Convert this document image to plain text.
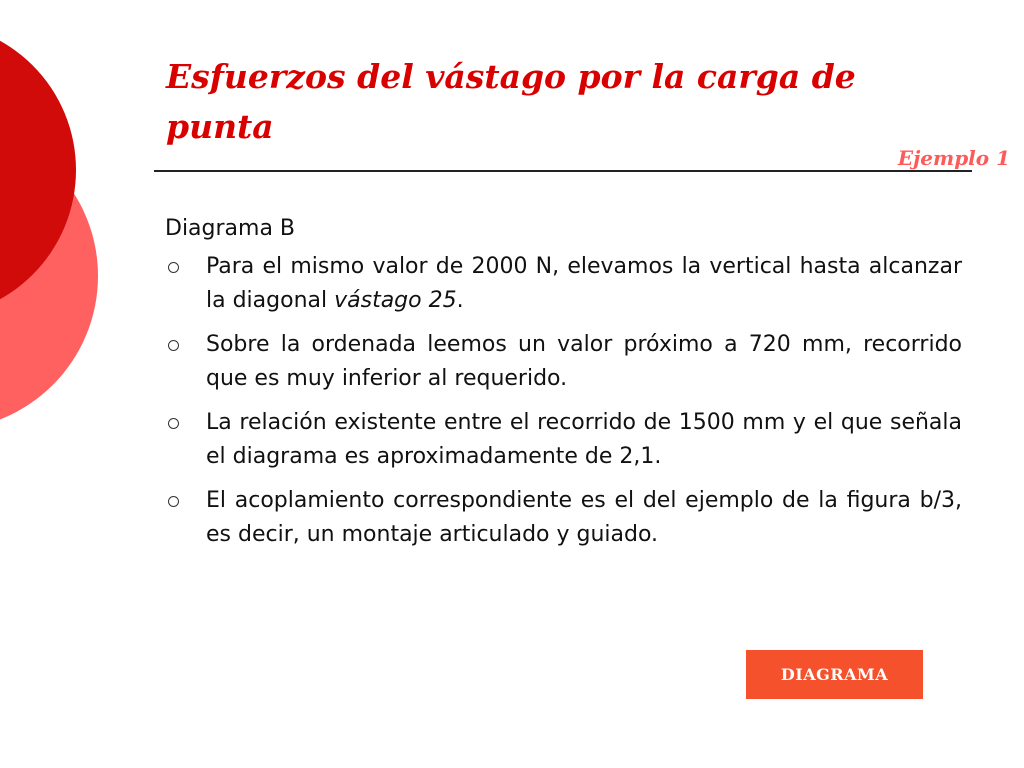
Esfuerzos del vástago por la carga de punta
Ejemplo 1

Diagrama B

Para el mismo valor de 2000 N, elevamos la vertical hasta alcanzar la diagonal vástago 25.
Sobre la ordenada leemos un valor próximo a 720 mm, recorrido que es muy inferior al requerido.
La relación existente entre el recorrido de 1500 mm y el que señala el diagrama es aproximadamente de 2,1.
El acoplamiento correspondiente es el del ejemplo de la figura b/3, es decir, un montaje articulado y guiado.
DIAGRAMA
